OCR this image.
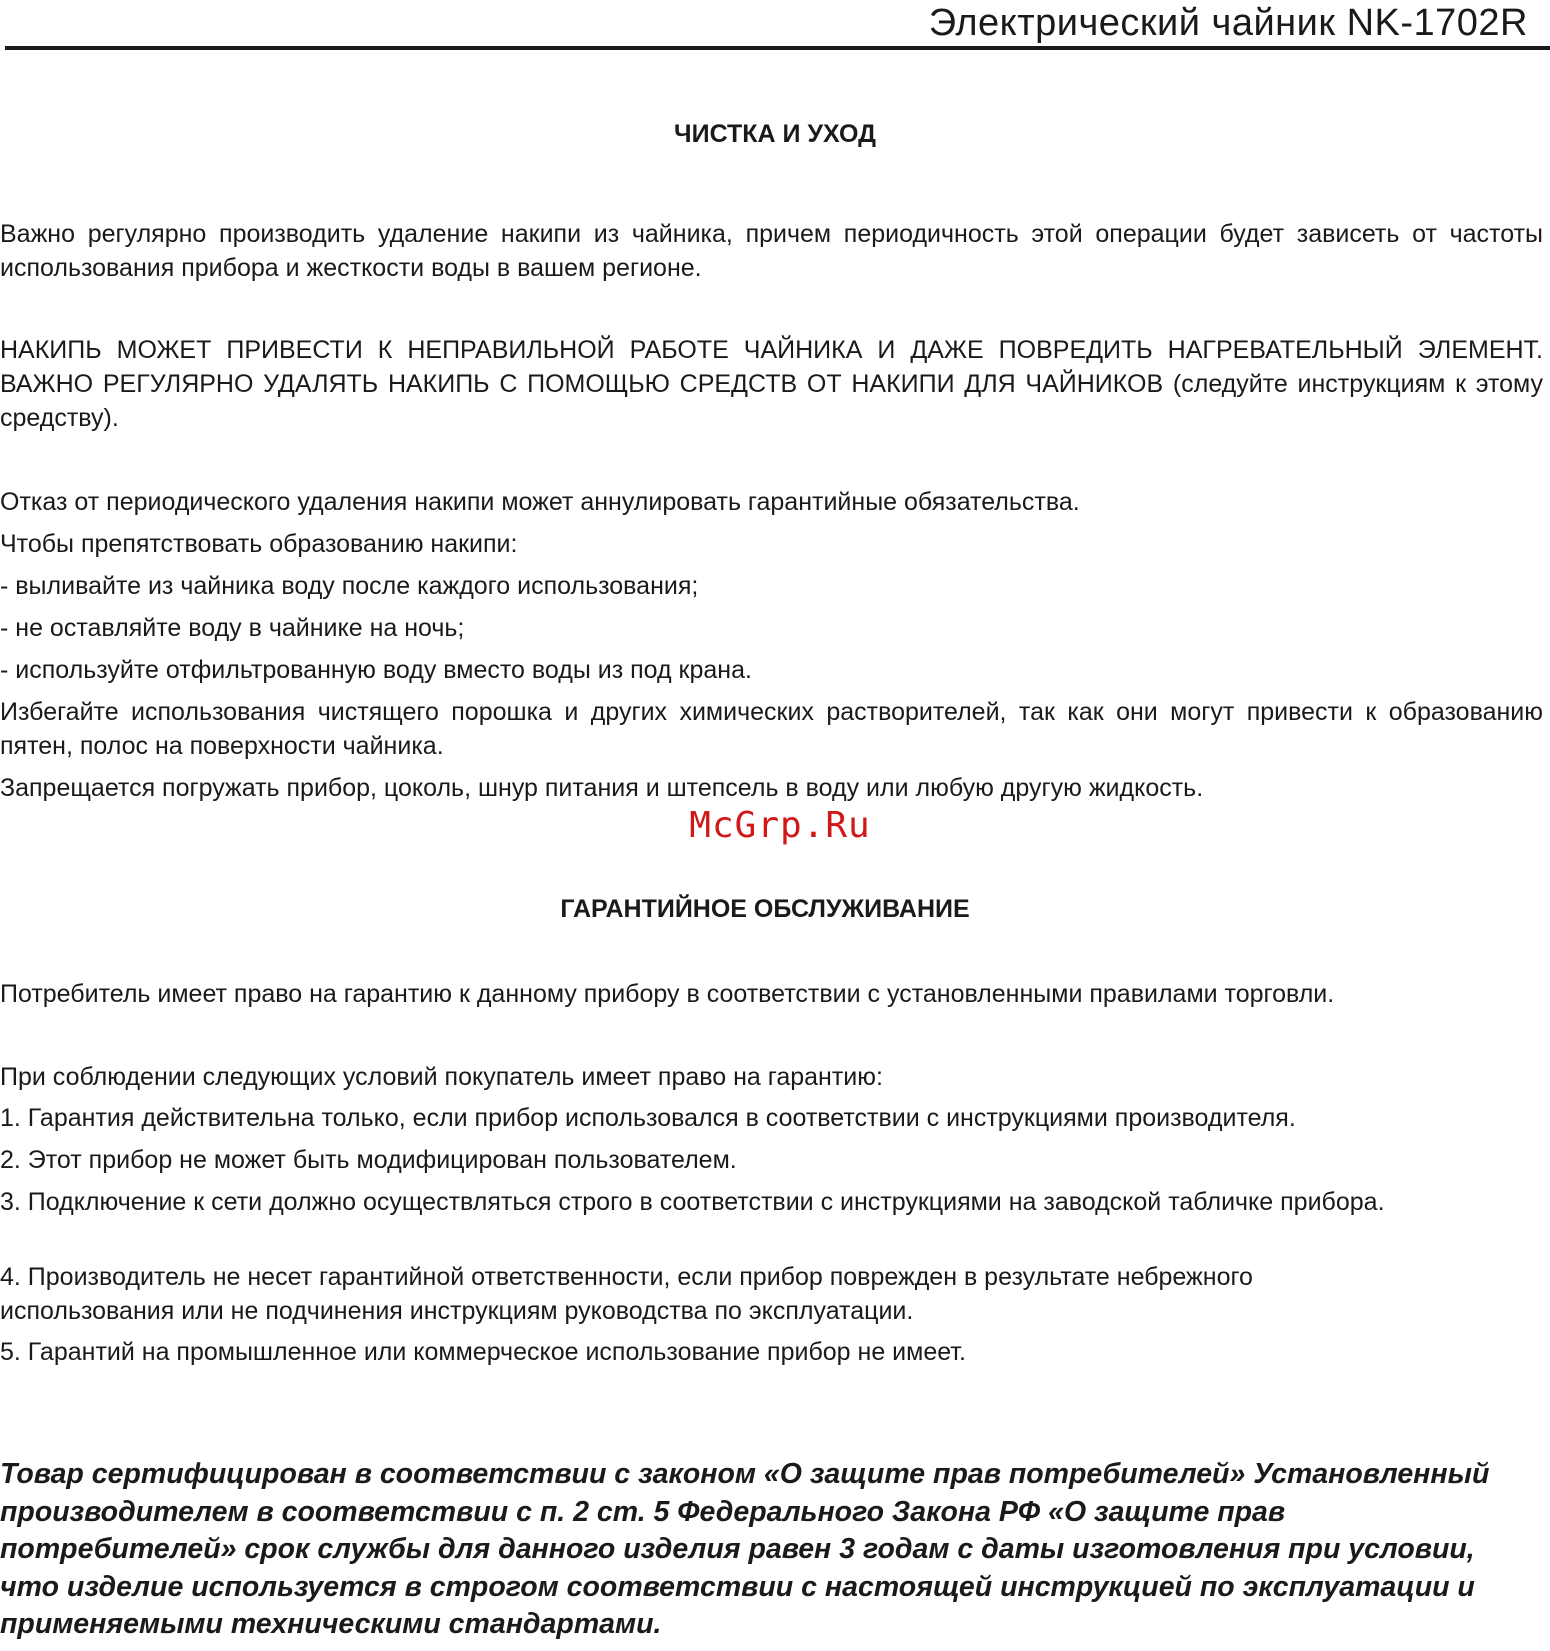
Электрический чайник NK-1702R
ЧИСТКА И УХОД

Важно регулярно производить удаление накипи из чайника, причем периодичность этой операции будет зависеть от частоты использования прибора и жесткости воды в вашем регионе.

НАКИПЬ МОЖЕТ ПРИВЕСТИ К НЕПРАВИЛЬНОЙ РАБОТЕ ЧАЙНИКА И ДАЖЕ ПОВРЕДИТЬ НАГРЕВАТЕЛЬНЫЙ ЭЛЕМЕНТ. ВАЖНО РЕГУЛЯРНО УДАЛЯТЬ НАКИПЬ С ПОМОЩЬЮ СРЕДСТВ ОТ НАКИПИ ДЛЯ ЧАЙНИКОВ (следуйте инструкциям к этому средству).

Отказ от периодического удаления накипи может аннулировать гарантийные обязательства.
Чтобы препятствовать образованию накипи:
- выливайте из чайника воду после каждого использования;
- не оставляйте воду в чайнике на ночь;
- используйте отфильтрованную воду вместо воды из под крана.

Избегайте использования чистящего порошка и других химических растворителей, так как они могут привести к образованию пятен, полос на поверхности чайника.

Запрещается погружать прибор, цоколь, шнур питания и штепсель в воду или любую другую жидкость.
McGrp.Ru
ГАРАНТИЙНОЕ ОБСЛУЖИВАНИЕ
Потребитель имеет право на гарантию к данному прибору в соответствии с установленными правилами торговли.
При соблюдении следующих условий покупатель имеет право на гарантию:
1. Гарантия действительна только, если прибор использовался в соответствии с инструкциями производителя.
2. Этот прибор не может быть модифицирован пользователем.

3. Подключение к сети должно осуществляться строго в соответствии с инструкциями на заводской табличке прибора.

4. Производитель не несет гарантийной ответственности, если прибор поврежден в результате небрежного использования или не подчинения инструкциям руководства по эксплуатации.

5. Гарантий на промышленное или коммерческое использование прибор не имеет.

Товар сертифицирован в соответствии с законом «О защите прав потребителей» Установленный производителем в соответствии с п. 2 ст. 5 Федерального Закона РФ «О защите прав потребителей» срок службы для данного изделия равен 3 годам с даты изготовления при условии, что изделие используется в строгом соответствии с настоящей инструкцией по эксплуатации и применяемыми техническими стандартами.
